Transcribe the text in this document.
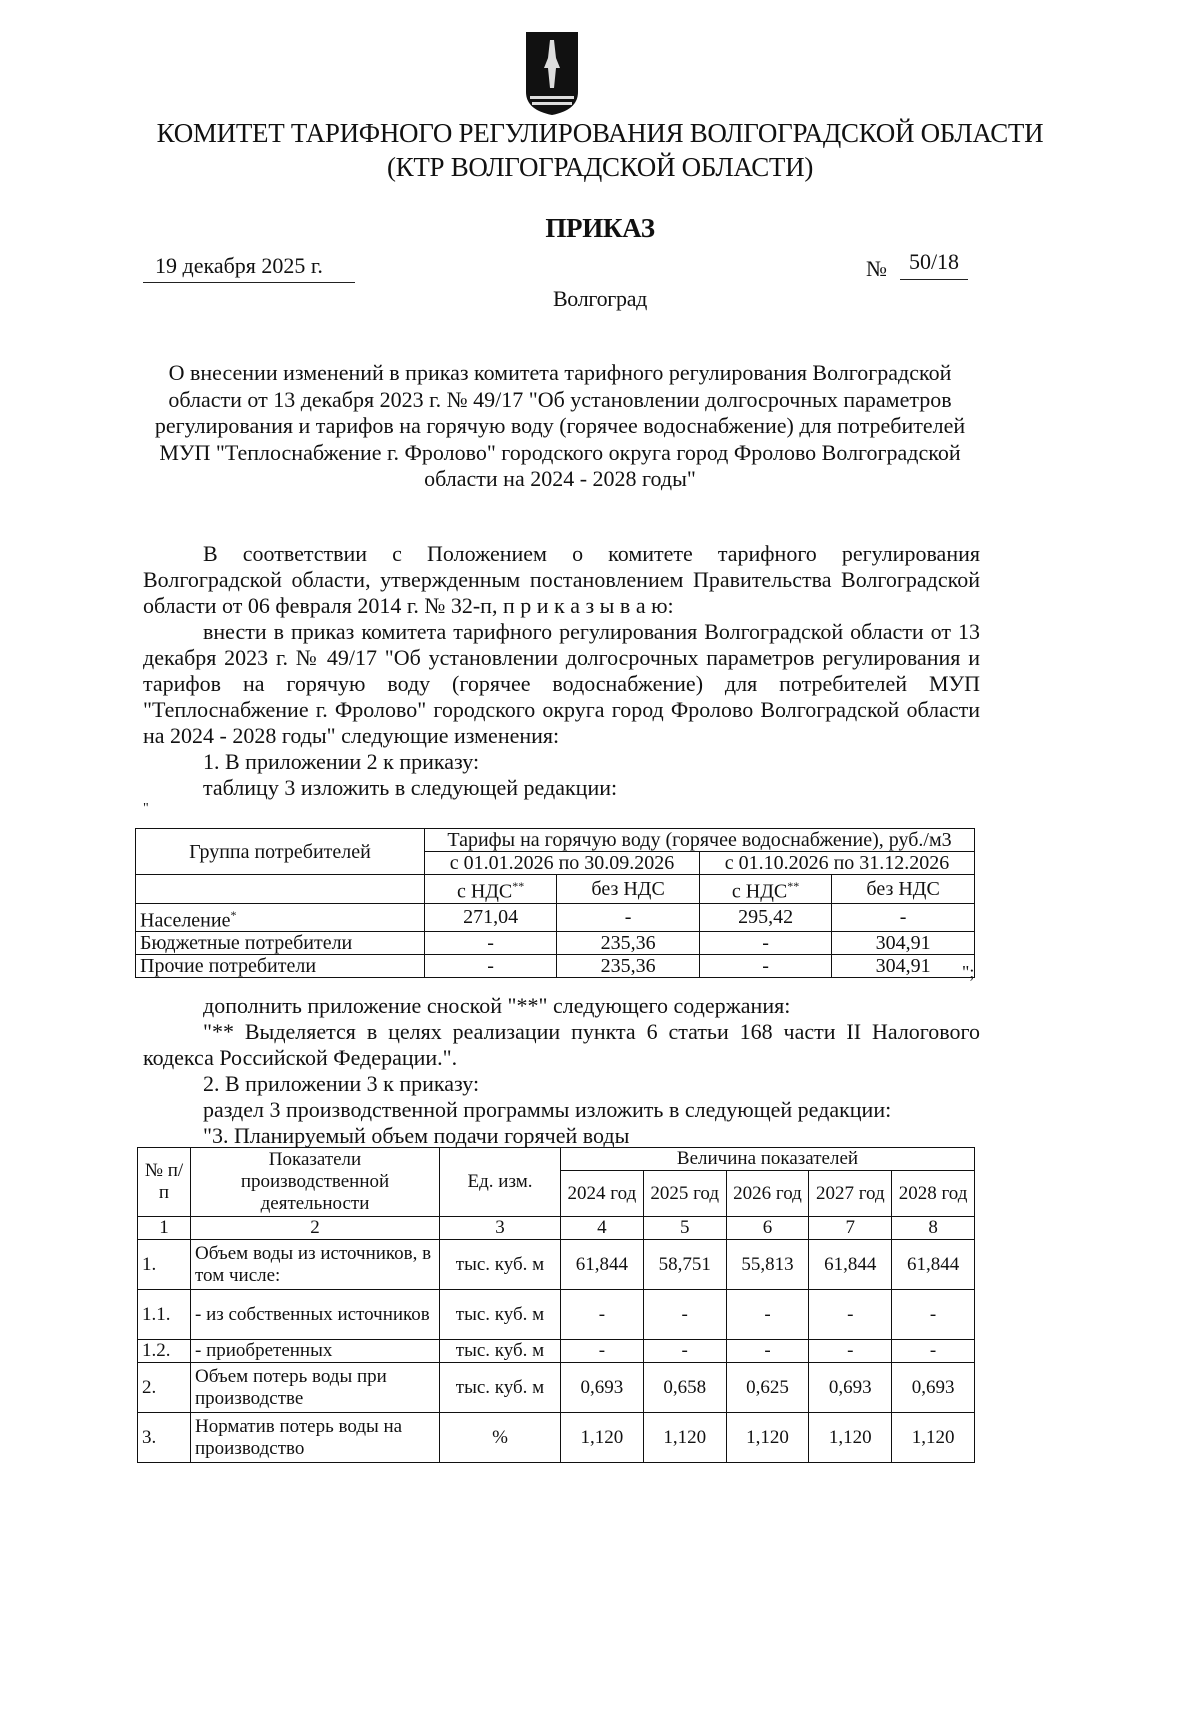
КОМИТЕТ ТАРИФНОГО РЕГУЛИРОВАНИЯ ВОЛГОГРАДСКОЙ ОБЛАСТИ
(КТР ВОЛГОГРАДСКОЙ ОБЛАСТИ)
ПРИКАЗ
19 декабря 2025 г.	№ 50/18
Волгоград
О внесении изменений в приказ комитета тарифного регулирования Волгоградской области от 13 декабря 2023 г. № 49/17 "Об установлении долгосрочных параметров регулирования и тарифов на горячую воду (горячее водоснабжение) для потребителей МУП "Теплоснабжение г. Фролово" городского округа город Фролово Волгоградской области на 2024 - 2028 годы"

В соответствии с Положением о комитете тарифного регулирования Волгоградской области, утвержденным постановлением Правительства Волгоградской области от 06 февраля 2014 г. № 32-п, п р и к а з ы в а ю:

внести в приказ комитета тарифного регулирования Волгоградской области от 13 декабря 2023 г. № 49/17 "Об установлении долгосрочных параметров регулирования и тарифов на горячую воду (горячее водоснабжение) для потребителей МУП "Теплоснабжение г. Фролово" городского округа город Фролово Волгоградской области на 2024 - 2028 годы" следующие изменения:

1. В приложении 2 к приказу:

таблицу 3 изложить в следующей редакции:

"

Группа потребителей	Тарифы на горячую воду (горячее водоснабжение), руб./м3			
	с 01.01.2026 по 30.09.2026		с 01.10.2026 по 31.12.2026	
	с НДС**	без НДС	с НДС**	без НДС
Население*	271,04	-	295,42	-
Бюджетные потребители	-	235,36	-	304,91
Прочие потребители	-	235,36	-	304,91 ";

дополнить приложение сноской "**" следующего содержания:

"** Выделяется в целях реализации пункта 6 статьи 168 части II Налогового кодекса Российской Федерации.".

2. В приложении 3 к приказу:

раздел 3 производственной программы изложить в следующей редакции:

"3. Планируемый объем подачи горячей воды

№ п/п	Показатели производственной деятельности	Ед. изм.	Величина показателей				
			2024 год	2025 год	2026 год	2027 год	2028 год
1	2	3	4	5	6	7	8
1.	Объем воды из источников, в том числе:	тыс. куб. м	61,844	58,751	55,813	61,844	61,844
1.1.	- из собственных источников	тыс. куб. м	-	-	-	-	-
1.2.	- приобретенных	тыс. куб. м	-	-	-	-	-
2.	Объем потерь воды при производстве	тыс. куб. м	0,693	0,658	0,625	0,693	0,693
3.	Норматив потерь воды на производство	%	1,120	1,120	1,120	1,120	1,120
